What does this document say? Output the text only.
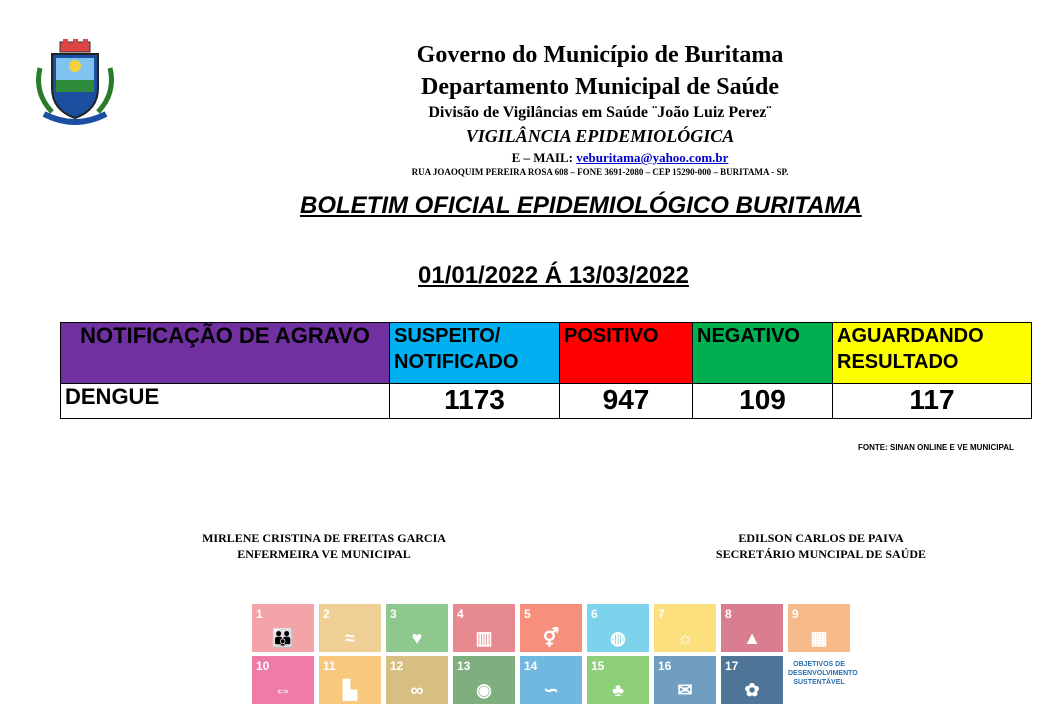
Governo do Município de Buritama
Departamento Municipal de Saúde
Divisão de Vigilâncias em Saúde ¨João Luiz Perez¨
VIGILÂNCIA EPIDEMIOLÓGICA
E – MAIL: veburitama@yahoo.com.br
RUA JOAOQUIM PEREIRA ROSA 608 – FONE 3691-2080 – CEP 15290-000 – BURITAMA - SP.
BOLETIM OFICIAL EPIDEMIOLÓGICO BURITAMA
01/01/2022 Á 13/03/2022
NOTIFICAÇÃO DE AGRAVO	SUSPEITO/ NOTIFICADO	POSITIVO	NEGATIVO	AGUARDANDO RESULTADO
DENGUE	1173	947	109	117
FONTE: SINAN ONLINE E VE MUNICIPAL
MIRLENE CRISTINA DE FREITAS GARCIA
ENFERMEIRA VE MUNICIPAL
EDILSON CARLOS DE PAIVA
SECRETÁRIO MUNCIPAL DE SAÚDE
1
👪
2
≈
3
♥
4
▥
5
⚥
6
◍
7
☼
8
▲
9
▦
10
⇔
11
▙
12
∞
13
◉
14
∽
15
♣
16
✉
17
✿
OBJETIVOS DE DESENVOLVIMENTO SUSTENTÁVEL
